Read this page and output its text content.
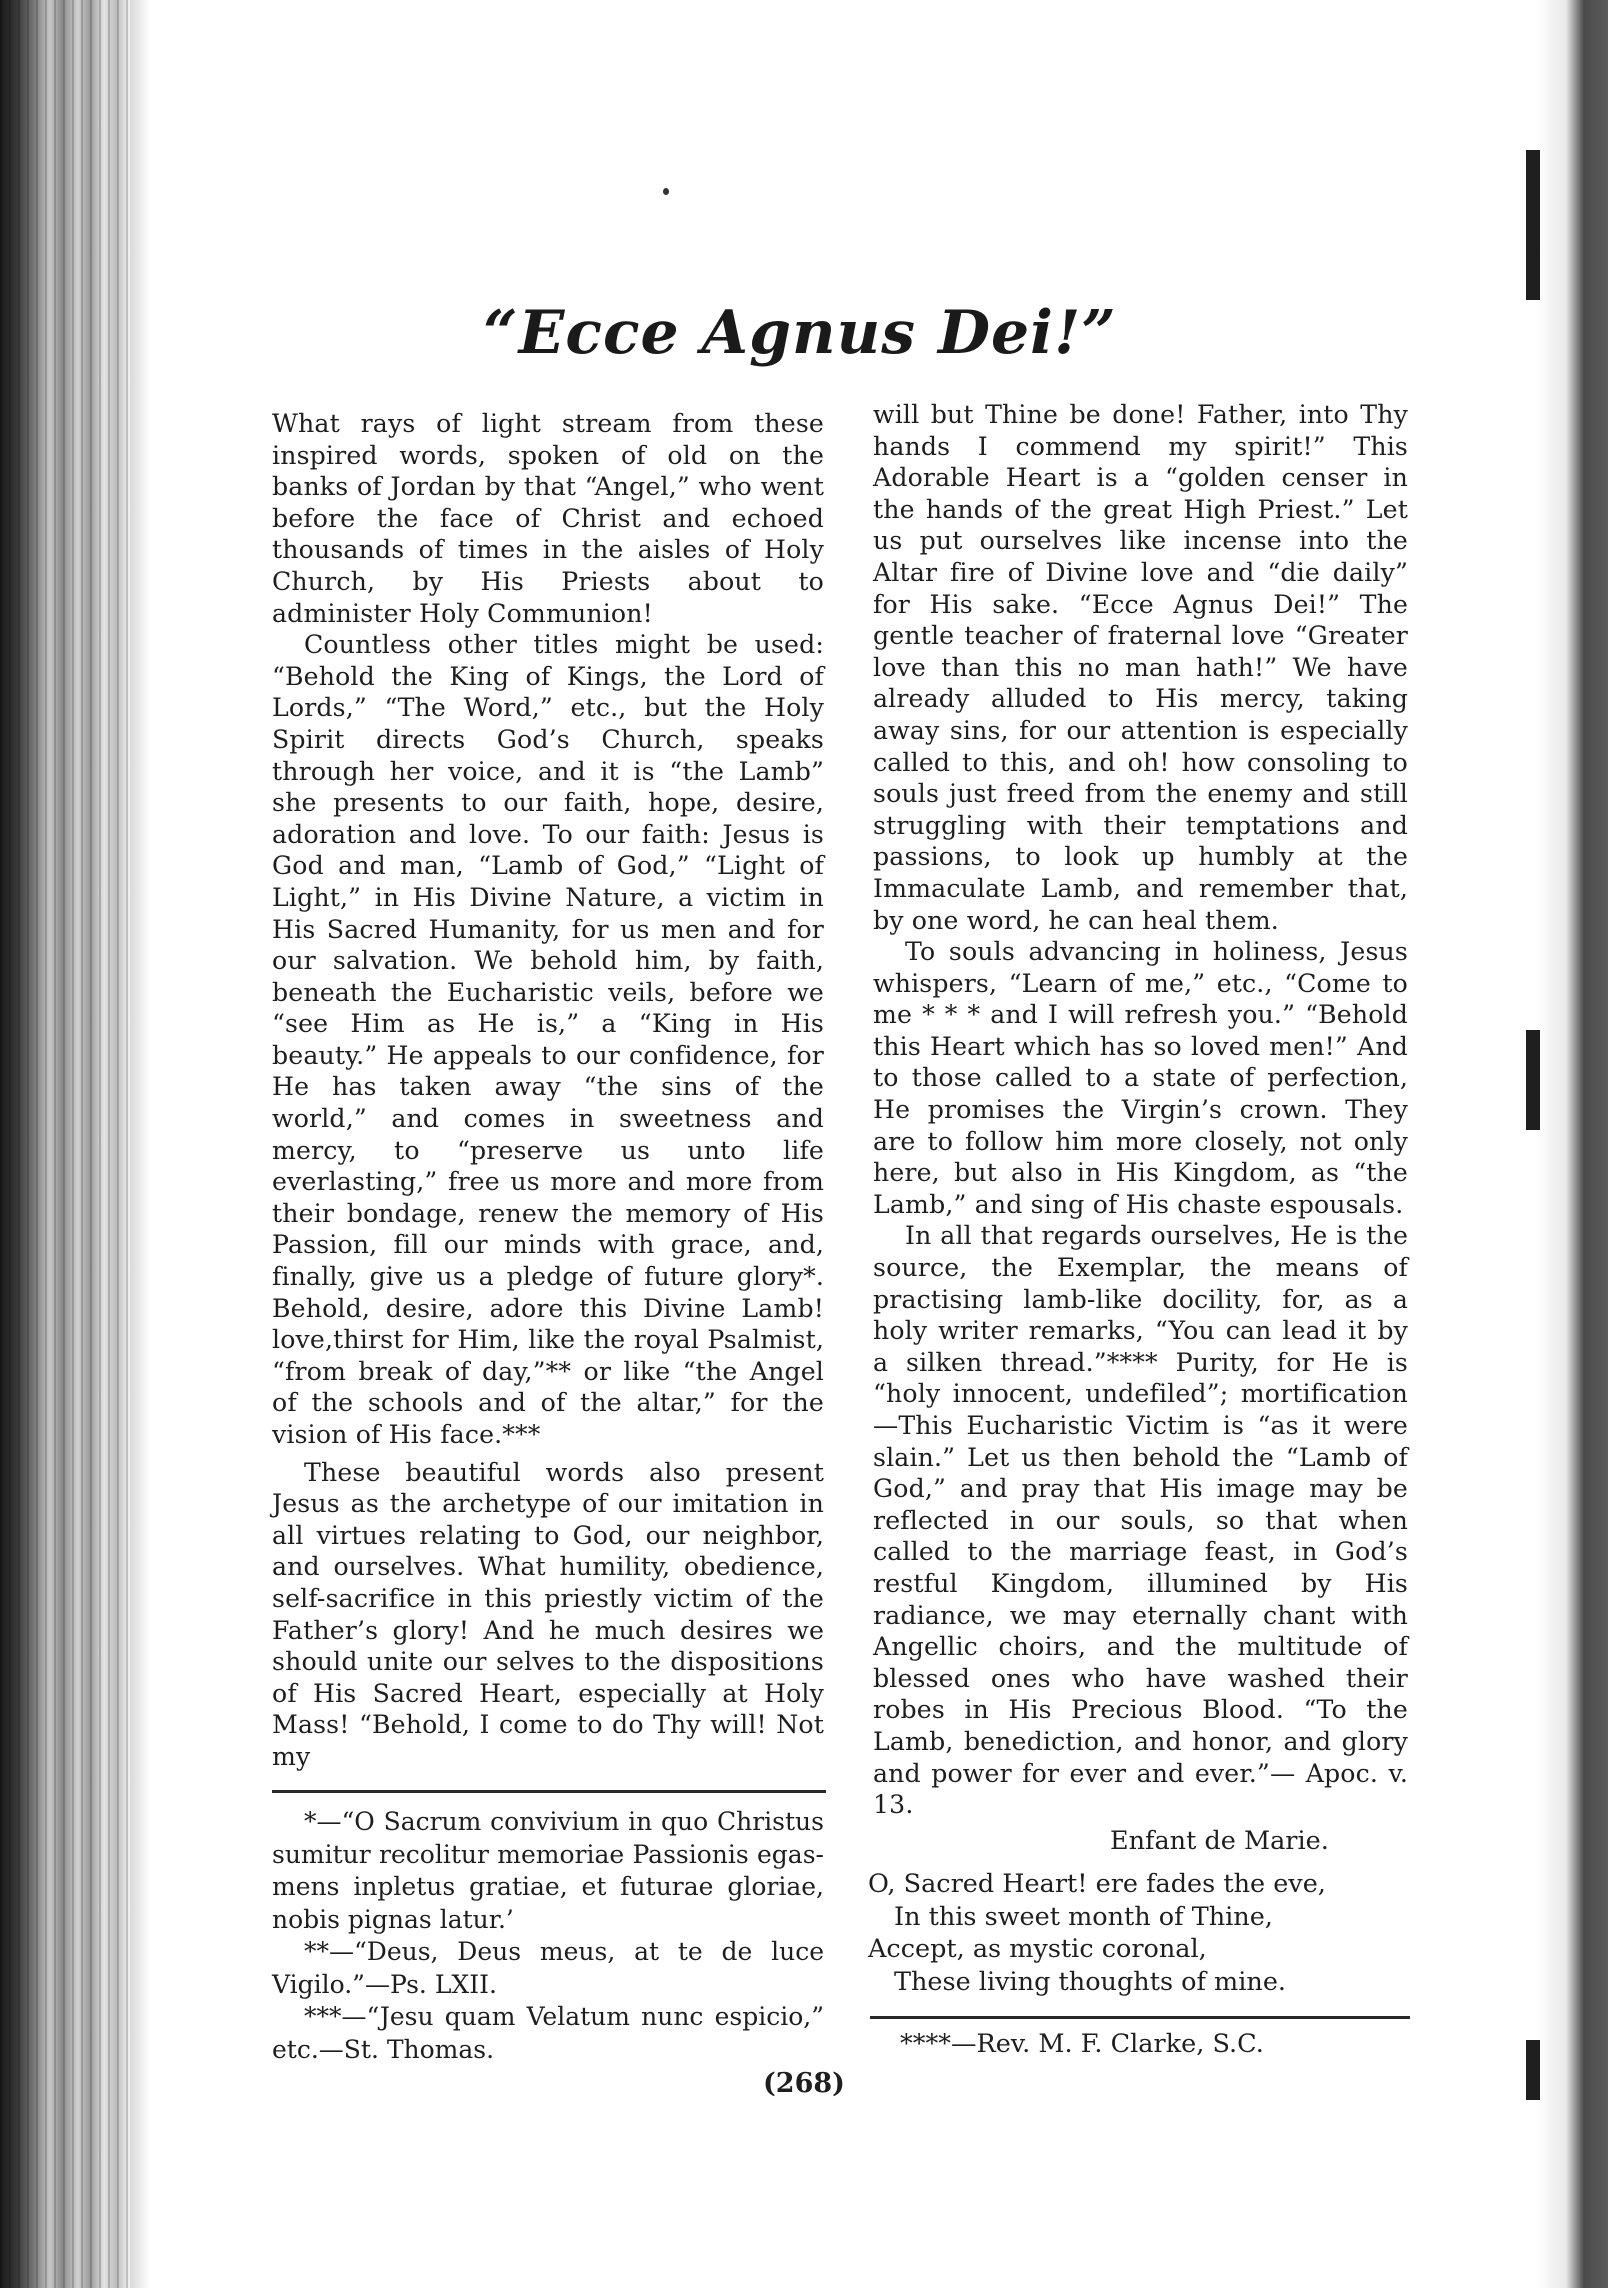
“Ecce Agnus Dei!”

What rays of light stream from these inspired words, spoken of old on the banks of Jordan by that “Angel,” who went before the face of Christ and echoed thousands of times in the aisles of Holy Church, by His Priests about to administer Holy Communion!

Countless other titles might be used: “Behold the King of Kings, the Lord of Lords,” “The Word,” etc., but the Holy Spirit directs God’s Church, speaks through her voice, and it is “the Lamb” she presents to our faith, hope, desire, adoration and love. To our faith: Jesus is God and man, “Lamb of God,” “Light of Light,” in His Divine Nature, a victim in His Sacred Humanity, for us men and for our salvation. We behold him, by faith, beneath the Eucharistic veils, before we “see Him as He is,” a “King in His beauty.” He appeals to our confidence, for He has taken away “the sins of the world,” and comes in sweetness and mercy, to “preserve us unto life everlasting,” free us more and more from their bondage, renew the memory of His Passion, fill our minds with grace, and, finally, give us a pledge of future glory*. Behold, desire, adore this Divine Lamb! love,thirst for Him, like the royal Psalmist, “from break of day,”** or like “the Angel of the schools and of the altar,” for the vision of His face.***

These beautiful words also present Jesus as the archetype of our imitation in all virtues relating to God, our neighbor, and ourselves. What humility, obedience, self-sacrifice in this priestly victim of the Father’s glory! And he much desires we should unite our selves to the dispositions of His Sacred Heart, especially at Holy Mass! “Behold, I come to do Thy will! Not my

will but Thine be done! Father, into Thy hands I commend my spirit!” This Adorable Heart is a “golden censer in the hands of the great High Priest.” Let us put ourselves like incense into the Altar fire of Divine love and “die daily” for His sake. “Ecce Agnus Dei!” The gentle teacher of fraternal love “Greater love than this no man hath!” We have already alluded to His mercy, taking away sins, for our attention is especially called to this, and oh! how consoling to souls just freed from the enemy and still struggling with their temptations and passions, to look up humbly at the Immaculate Lamb, and remember that, by one word, he can heal them.

To souls advancing in holiness, Jesus whispers, “Learn of me,” etc., “Come to me * * * and I will refresh you.” “Behold this Heart which has so loved men!” And to those called to a state of perfection, He promises the Virgin’s crown. They are to follow him more closely, not only here, but also in His Kingdom, as “the Lamb,” and sing of His chaste espousals.

In all that regards ourselves, He is the source, the Exemplar, the means of practising lamb-like docility, for, as a holy writer remarks, “You can lead it by a silken thread.”**** Purity, for He is “holy innocent, undefiled”; mortification—This Eucharistic Victim is “as it were slain.” Let us then behold the “Lamb of God,” and pray that His image may be reflected in our souls, so that when called to the marriage feast, in God’s restful Kingdom, illumined by His radiance, we may eternally chant with Angellic choirs, and the multitude of blessed ones who have washed their robes in His Precious Blood. “To the Lamb, benediction, and honor, and glory and power for ever and ever.”— Apoc. v. 13.

*—“O Sacrum convivium in quo Christus sumitur recolitur memoriae Passionis egas-mens inpletus gratiae, et futurae gloriae, nobis pignas latur.’

**—“Deus, Deus meus, at te de luce Vigilo.”—Ps. LXII.

***—“Jesu quam Velatum nunc espicio,” etc.—St. Thomas.

Enfant de Marie.
O, Sacred Heart! ere fades the eve,
In this sweet month of Thine,
Accept, as mystic coronal,
These living thoughts of mine.
****—Rev. M. F. Clarke, S.C.
(268)
